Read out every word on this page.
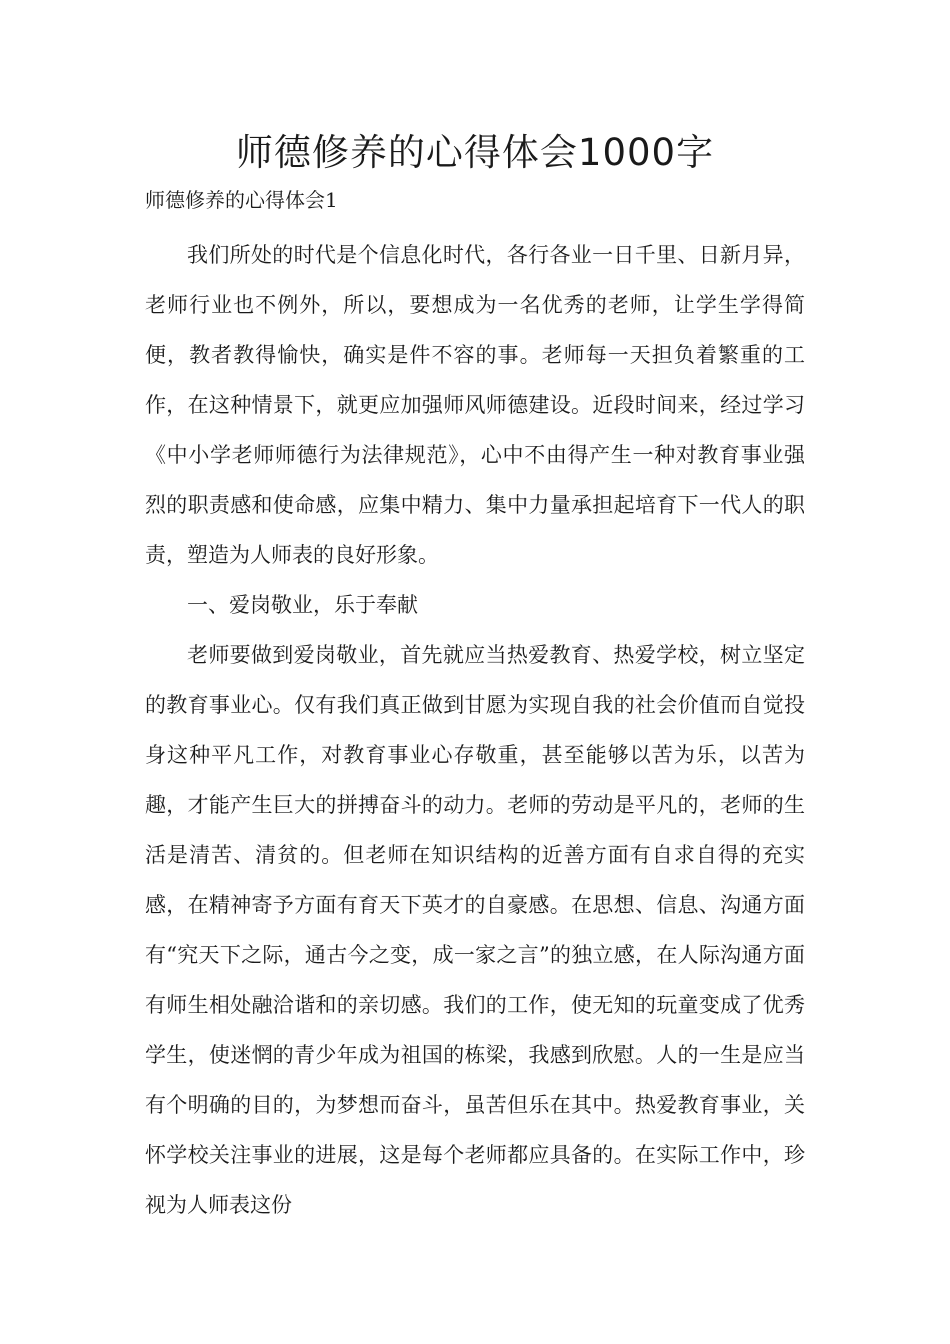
师德修养的心得体会1000字
师德修养的心得体会1

我们所处的时代是个信息化时代，各行各业一日千里、日新月异，老师行业也不例外，所以，要想成为一名优秀的老师，让学生学得简便，教者教得愉快，确实是件不容的事。老师每一天担负着繁重的工作，在这种情景下，就更应加强师风师德建设。近段时间来，经过学习《中小学老师师德行为法律规范》，心中不由得产生一种对教育事业强烈的职责感和使命感，应集中精力、集中力量承担起培育下一代人的职责，塑造为人师表的良好形象。

一、爱岗敬业，乐于奉献

老师要做到爱岗敬业，首先就应当热爱教育、热爱学校，树立坚定的教育事业心。仅有我们真正做到甘愿为实现自我的社会价值而自觉投身这种平凡工作，对教育事业心存敬重，甚至能够以苦为乐，以苦为趣，才能产生巨大的拼搏奋斗的动力。老师的劳动是平凡的，老师的生活是清苦、清贫的。但老师在知识结构的近善方面有自求自得的充实感，在精神寄予方面有育天下英才的自豪感。在思想、信息、沟通方面有“究天下之际，通古今之变，成一家之言”的独立感，在人际沟通方面有师生相处融洽谐和的亲切感。我们的工作，使无知的玩童变成了优秀学生，使迷惘的青少年成为祖国的栋梁，我感到欣慰。人的一生是应当有个明确的目的，为梦想而奋斗，虽苦但乐在其中。热爱教育事业，关怀学校关注事业的进展，这是每个老师都应具备的。在实际工作中，珍视为人师表这份
